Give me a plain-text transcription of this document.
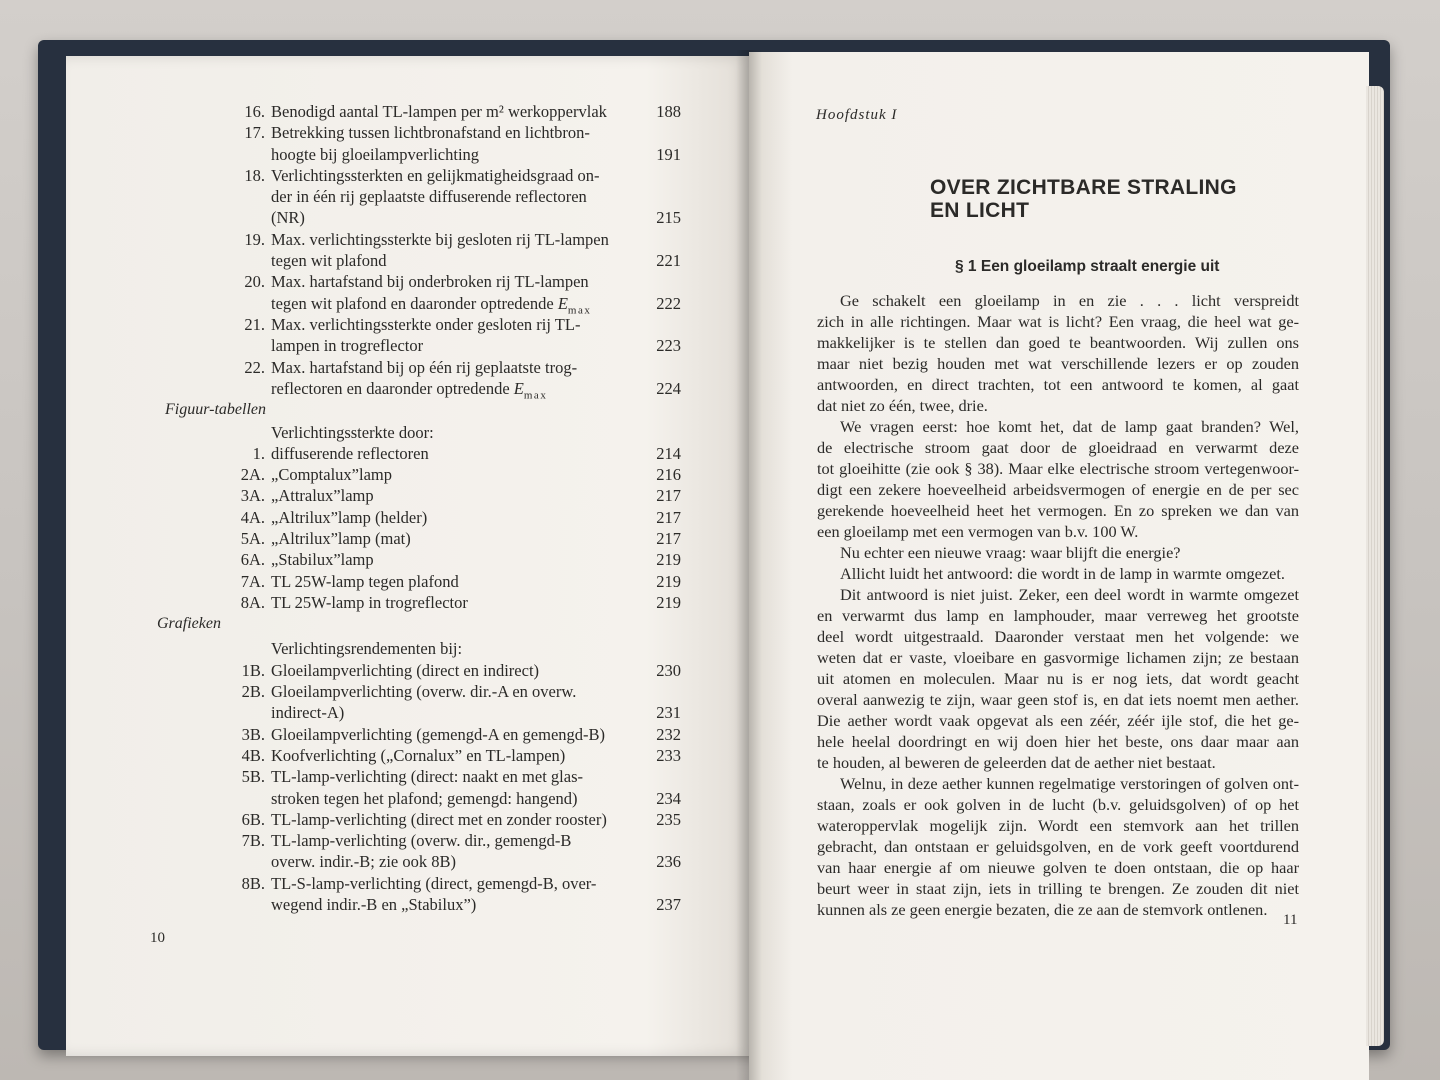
16. Benodigd aantal TL-lampen per m² werkoppervlak	188
17. Betrekking tussen lichtbronafstand en lichtbron-
hoogte bij gloeilampverlichting	191
18. Verlichtingssterkten en gelijkmatigheidsgraad on-
der in één rij geplaatste diffuserende reflectoren
(NR)	215
19. Max. verlichtingssterkte bij gesloten rij TL-lampen
tegen wit plafond	221
20. Max. hartafstand bij onderbroken rij TL-lampen
tegen wit plafond en daaronder optredende $E_{max}$	222
21. Max. verlichtingssterkte onder gesloten rij TL-
lampen in trogreflector	223
22. Max. hartafstand bij op één rij geplaatste trog-
reflectoren en daaronder optredende $E_{max}$	224
Figuur-tabellen
Verlichtingssterkte door:
1. diffuserende reflectoren	214
2A. „Comptalux”lamp	216
3A. „Attralux”lamp	217
4A. „Altrilux”lamp (helder)	217
5A. „Altrilux”lamp (mat)	217
6A. „Stabilux”lamp	219
7A. TL 25W-lamp tegen plafond	219
8A. TL 25W-lamp in trogreflector	219
Grafieken
Verlichtingsrendementen bij:
1B. Gloeilampverlichting (direct en indirect)	230
2B. Gloeilampverlichting (overw. dir.-A en overw.
indirect-A)	231
3B. Gloeilampverlichting (gemengd-A en gemengd-B)	232
4B. Koofverlichting („Cornalux” en TL-lampen)	233
5B. TL-lamp-verlichting (direct: naakt en met glas-
stroken tegen het plafond; gemengd: hangend)	234
6B. TL-lamp-verlichting (direct met en zonder rooster)	235
7B. TL-lamp-verlichting (overw. dir., gemengd-B
overw. indir.-B; zie ook 8B)	236
8B. TL-S-lamp-verlichting (direct, gemengd-B, over-
wegend indir.-B en „Stabilux”)	237
10
Hoofdstuk I
OVER ZICHTBARE STRALING
EN LICHT
§ 1 Een gloeilamp straalt energie uit
Ge schakelt een gloeilamp in en zie . . . licht verspreidt
zich in alle richtingen. Maar wat is licht? Een vraag, die heel wat ge-
makkelijker is te stellen dan goed te beantwoorden. Wij zullen ons
maar niet bezig houden met wat verschillende lezers er op zouden
antwoorden, en direct trachten, tot een antwoord te komen, al gaat
dat niet zo één, twee, drie.
We vragen eerst: hoe komt het, dat de lamp gaat branden? Wel,
de electrische stroom gaat door de gloeidraad en verwarmt deze
tot gloeihitte (zie ook § 38). Maar elke electrische stroom vertegenwoor-
digt een zekere hoeveelheid arbeidsvermogen of energie en de per sec
gerekende hoeveelheid heet het vermogen. En zo spreken we dan van
een gloeilamp met een vermogen van b.v. 100 W.
Nu echter een nieuwe vraag: waar blijft die energie?
Allicht luidt het antwoord: die wordt in de lamp in warmte omgezet.
Dit antwoord is niet juist. Zeker, een deel wordt in warmte omgezet
en verwarmt dus lamp en lamphouder, maar verreweg het grootste
deel wordt uitgestraald. Daaronder verstaat men het volgende: we
weten dat er vaste, vloeibare en gasvormige lichamen zijn; ze bestaan
uit atomen en moleculen. Maar nu is er nog iets, dat wordt geacht
overal aanwezig te zijn, waar geen stof is, en dat iets noemt men aether.
Die aether wordt vaak opgevat als een zéér, zéér ijle stof, die het ge-
hele heelal doordringt en wij doen hier het beste, ons daar maar aan
te houden, al beweren de geleerden dat de aether niet bestaat.
Welnu, in deze aether kunnen regelmatige verstoringen of golven ont-
staan, zoals er ook golven in de lucht (b.v. geluidsgolven) of op het
wateroppervlak mogelijk zijn. Wordt een stemvork aan het trillen
gebracht, dan ontstaan er geluidsgolven, en de vork geeft voortdurend
van haar energie af om nieuwe golven te doen ontstaan, die op haar
beurt weer in staat zijn, iets in trilling te brengen. Ze zouden dit niet
kunnen als ze geen energie bezaten, die ze aan de stemvork ontlenen.
11
